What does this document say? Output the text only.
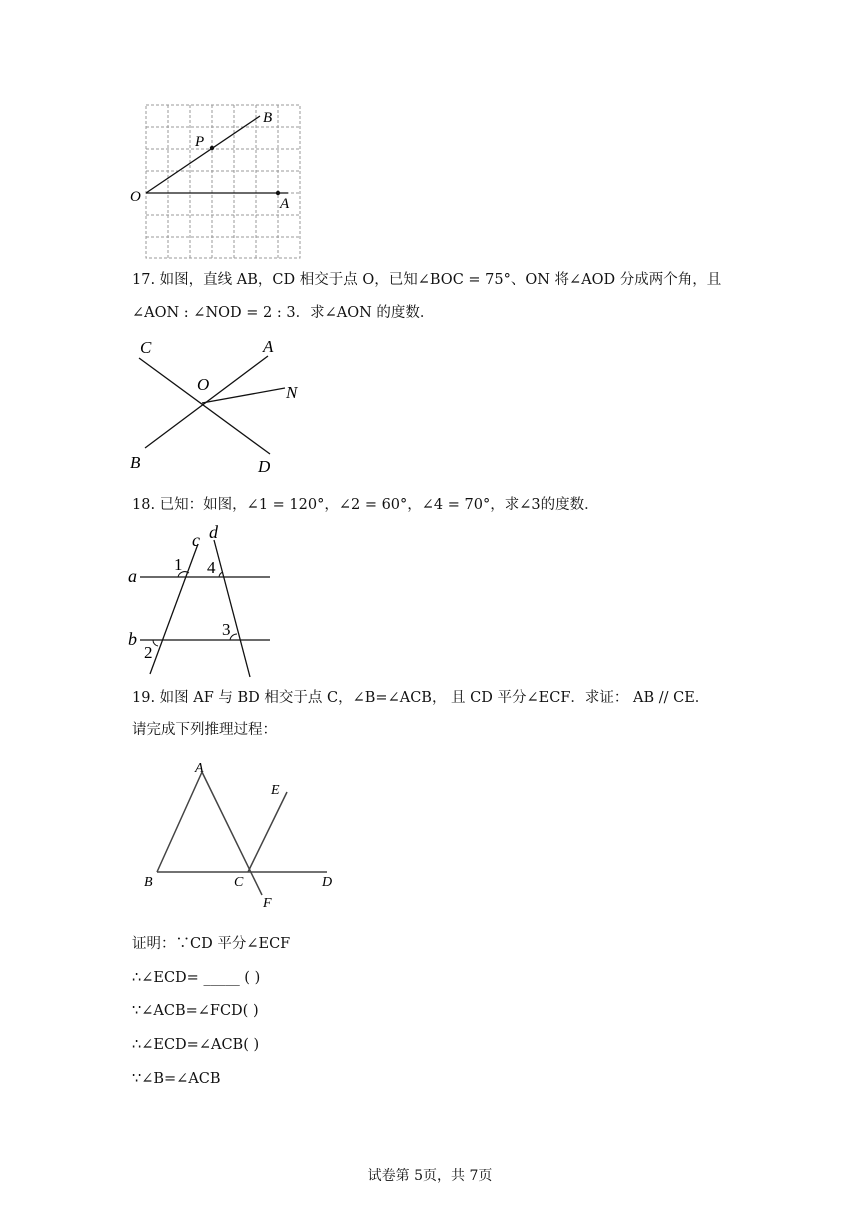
O	A
B
P
17. 如图，直线 AB，CD 相交于点 O，已知∠BOC = 75°、ON 将∠AOD 分成两个角，且
∠AON : ∠NOD = 2 : 3．求∠AON 的度数．
C	A
O	N
B	D
18. 已知：如图，∠1 = 120°，∠2 = 60°，∠4 = 70°，求∠3的度数．
c d
a
b
1 4
3
2
19. 如图 AF 与 BD 相交于点 C，∠B=∠ACB， 且 CD 平分∠ECF．求证： AB // CE．
请完成下列推理过程：
A
B	C	D
E
F
证明：∵CD 平分∠ECF
∴∠ECD= _____ ( )
∵∠ACB=∠FCD( )
∴∠ECD=∠ACB( )
∵∠B=∠ACB
试卷第 5页，共 7页
